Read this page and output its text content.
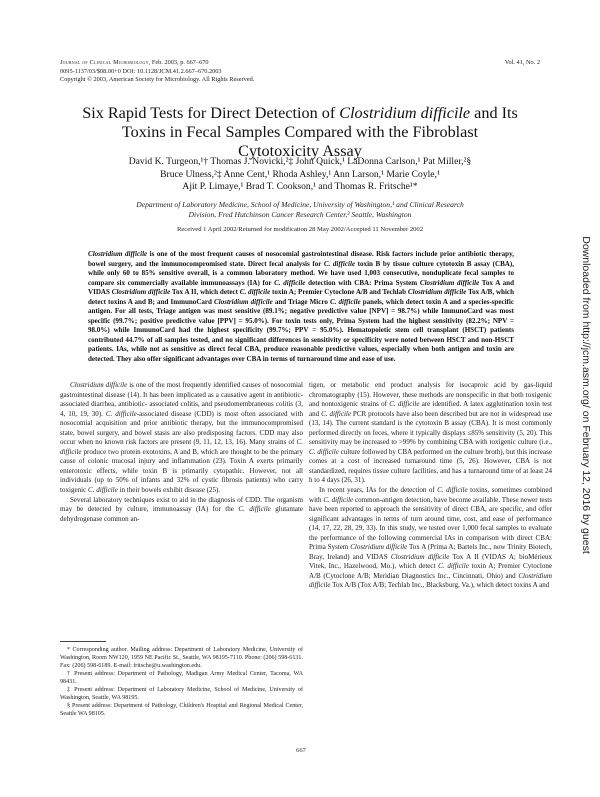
Journal of Clinical Microbiology, Feb. 2003, p. 667–670
0095-1137/03/$08.00+0 DOI: 10.1128/JCM.41.2.667–670.2003
Copyright © 2003, American Society for Microbiology. All Rights Reserved.
Vol. 41, No. 2
Six Rapid Tests for Direct Detection of Clostridium difficile and Its
Toxins in Fecal Samples Compared with the Fibroblast
Cytotoxicity Assay
David K. Turgeon,¹† Thomas J. Novicki,²‡ John Quick,¹ LaDonna Carlson,¹ Pat Miller,²§
Bruce Ulness,²‡ Anne Cent,¹ Rhoda Ashley,¹ Ann Larson,¹ Marie Coyle,¹
Ajit P. Limaye,¹ Brad T. Cookson,¹ and Thomas R. Fritsche¹*
Department of Laboratory Medicine, School of Medicine, University of Washington,¹ and Clinical Research
Division, Fred Hutchinson Cancer Research Center,² Seattle, Washington
Received 1 April 2002/Returned for modification 28 May 2002/Accepted 11 November 2002
Clostridium difficile is one of the most frequent causes of nosocomial gastrointestinal disease. Risk factors include prior antibiotic therapy, bowel surgery, and the immunocompromised state. Direct fecal analysis for C. difficile toxin B by tissue culture cytotoxin B assay (CBA), while only 60 to 85% sensitive overall, is a common laboratory method. We have used 1,003 consecutive, nonduplicate fecal samples to compare six commercially available immunoassays (IA) for C. difficile detection with CBA: Prima System Clostridium difficile Tox A and VIDAS Clostridium difficile Tox A II, which detect C. difficile toxin A; Premier Cytoclone A/B and Techlab Clostridium difficile Tox A/B, which detect toxins A and B; and ImmunoCard Clostridium difficile and Triage Micro C. difficile panels, which detect toxin A and a species-specific antigen. For all tests, Triage antigen was most sensitive (89.1%; negative predictive value [NPV] = 98.7%) while ImmunoCard was most specific (99.7%; positive predictive value [PPV] = 95.0%). For toxin tests only, Prima System had the highest sensitivity (82.2%; NPV = 98.0%) while ImmunoCard had the highest specificity (99.7%; PPV = 95.0%). Hematopoietic stem cell transplant (HSCT) patients contributed 44.7% of all samples tested, and no significant differences in sensitivity or specificity were noted between HSCT and non-HSCT patients. IAs, while not as sensitive as direct fecal CBA, produce reasonable predictive values, especially when both antigen and toxin are detected. They also offer significant advantages over CBA in terms of turnaround time and ease of use.

Clostridium difficile is one of the most frequently identified causes of nosocomial gastrointestinal disease (14). It has been implicated as a causative agent in antibiotic-associated diarrhea, antibiotic- associated colitis, and pseudomembraneous colitis (3, 4, 10, 19, 30). C. difficile-associated disease (CDD) is most often associated with nosocomial acquisition and prior antibiotic therapy, but the immunocompromised state, bowel surgery, and bowel stasis are also predisposing factors. CDD may also occur when no known risk factors are present (9, 11, 12, 13, 16). Many strains of C. difficile produce two protein exotoxins, A and B, which are thought to be the primary cause of colonic mucosal injury and inflammation (23). Toxin A exerts primarily enterotoxic effects, while toxin B is primarily cytopathic. However, not all individuals (up to 50% of infants and 32% of cystic fibrosis patients) who carry toxigenic C. difficile in their bowels exhibit disease (25).

Several laboratory techniques exist to aid in the diagnosis of CDD. The organism may be detected by culture, immunoassay (IA) for the C. difficile glutamate dehydrogenase common an-

* Corresponding author. Mailing address: Department of Laboratory Medicine, University of Washington, Room NW120, 1959 NE Pacific St., Seattle, WA 98195-7110. Phone: (206) 598-6131. Fax: (206) 598-6189. E-mail: fritsche@u.washington.edu.

† Present address: Department of Pathology, Madigan Army Medical Center, Tacoma, WA 98431.

‡ Present address: Department of Laboratory Medicine, School of Medicine, University of Washington, Seattle, WA 98195.

§ Present address: Department of Pathology, Children's Hospital and Regional Medical Center, Seattle WA 98105.

tigen, or metabolic end product analysis for isocaproic acid by gas-liquid chromatography (15). However, these methods are nonspecific in that both toxigenic and nontoxigenic strains of C. difficile are identified. A latex agglutination toxin test and C. difficile PCR protocols have also been described but are not in widespread use (13, 14). The current standard is the cytotoxin B assay (CBA). It is most commonly performed directly on feces, where it typically displays ≤85% sensitivity (5, 20). This sensitivity may be increased to >99% by combining CBA with toxigenic culture (i.e., C. difficile culture followed by CBA performed on the culture broth), but this increase comes at a cost of increased turnaround time (5, 26). However, CBA is not standardized, requires tissue culture facilities, and has a turnaround time of at least 24 h to 4 days (26, 31).

In recent years, IAs for the detection of C. difficile toxins, sometimes combined with C. difficile common-antigen detection, have become available. These newer tests have been reported to approach the sensitivity of direct CBA, are specific, and offer significant advantages in terms of turn around time, cost, and ease of performance (14, 17, 22, 28, 29, 33). In this study, we tested over 1,000 fecal samples to evaluate the performance of the following commercial IAs in comparison with direct CBA: Prima System Clostridium difficile Tox A (Prima A; Bartels Inc., now Trinity Biotech, Bray, Ireland) and VIDAS Clostridium difficile Tox A II (VIDAS A; bioMérieux Vitek, Inc., Hazelwood, Mo.), which detect C. difficile toxin A; Premier Cytoclone A/B (Cytoclone A/B; Meridian Diagnostics Inc., Cincinnati, Ohio) and Clostridium difficile Tox A/B (Tox A/B; Techlab Inc., Blacksburg, Va.), which detect toxins A and

667
Downloaded from http://jcm.asm.org/ on February 12, 2016 by guest
